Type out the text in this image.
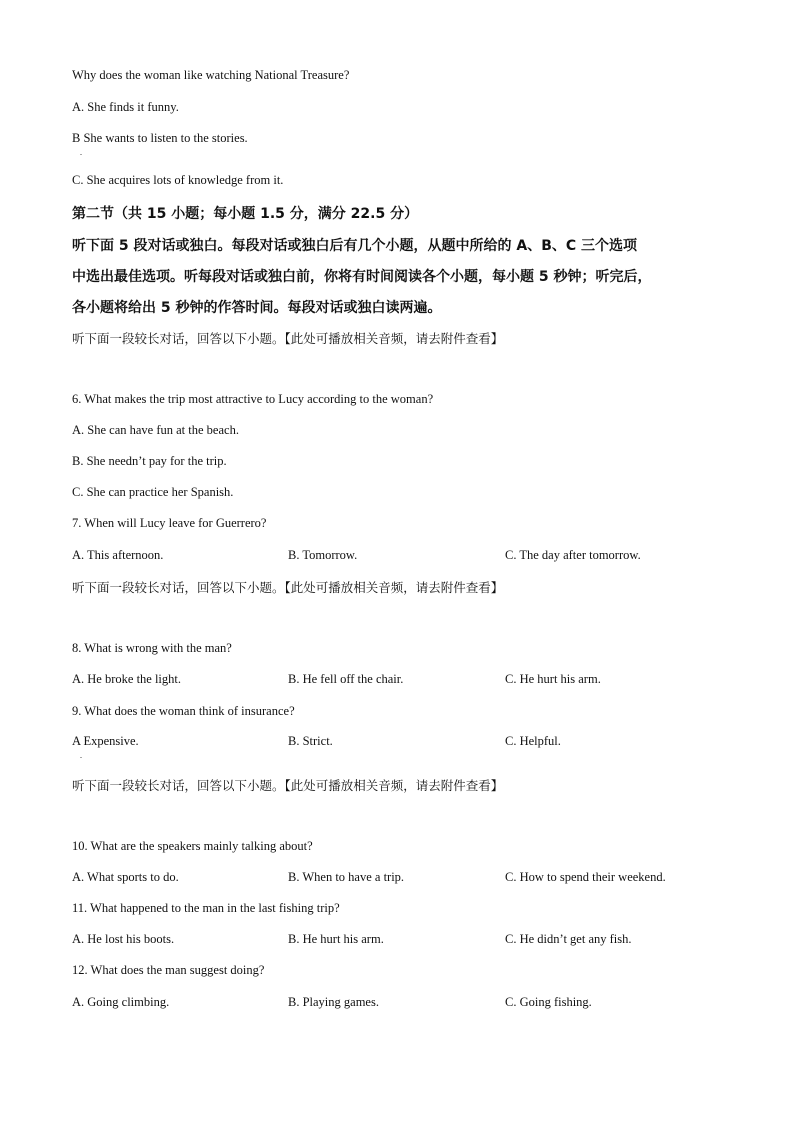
Why does the woman like watching National Treasure?
A. She finds it funny.
B She wants to listen to the stories.
.
C. She acquires lots of knowledge from it.
第二节（共 15 小题；每小题 1.5 分，满分 22.5 分）
听下面 5 段对话或独白。每段对话或独白后有几个小题，从题中所给的 A、B、C 三个选项
中选出最佳选项。听每段对话或独白前，你将有时间阅读各个小题，每小题 5 秒钟；听完后，
各小题将给出 5 秒钟的作答时间。每段对话或独白读两遍。
听下面一段较长对话，回答以下小题。【此处可播放相关音频，请去附件查看】
6. What makes the trip most attractive to Lucy according to the woman?
A. She can have fun at the beach.
B. She needn’t pay for the trip.
C. She can practice her Spanish.
7. When will Lucy leave for Guerrero?
A. This afternoon.	B. Tomorrow.	C. The day after tomorrow.
听下面一段较长对话，回答以下小题。【此处可播放相关音频，请去附件查看】
8. What is wrong with the man?
A. He broke the light.	B. He fell off the chair.	C. He hurt his arm.
9. What does the woman think of insurance?
A Expensive.	B. Strict.	C. Helpful.
.
听下面一段较长对话，回答以下小题。【此处可播放相关音频，请去附件查看】
10. What are the speakers mainly talking about?
A. What sports to do.	B. When to have a trip.	C. How to spend their weekend.
11. What happened to the man in the last fishing trip?
A. He lost his boots.	B. He hurt his arm.	C. He didn’t get any fish.
12. What does the man suggest doing?
A. Going climbing.	B. Playing games.	C. Going fishing.
